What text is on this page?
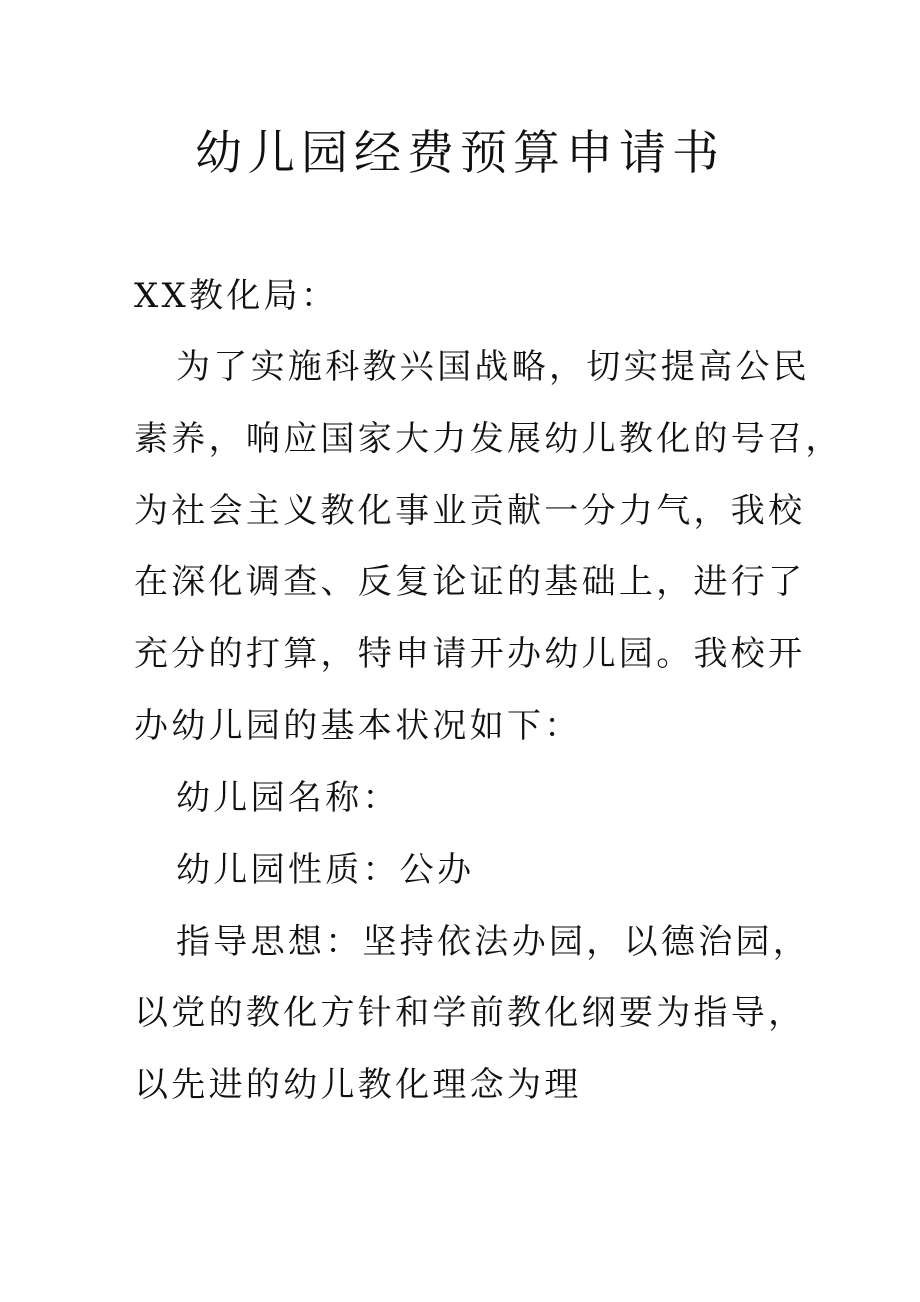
幼儿园经费预算申请书
XX教化局：
为了实施科教兴国战略，切实提高公民
素养，响应国家大力发展幼儿教化的号召，
为社会主义教化事业贡献一分力气，我校
在深化调查、反复论证的基础上，进行了
充分的打算，特申请开办幼儿园。我校开
办幼儿园的基本状况如下：
幼儿园名称：
幼儿园性质：公办
指导思想：坚持依法办园，以德治园，
以党的教化方针和学前教化纲要为指导，
以先进的幼儿教化理念为理
